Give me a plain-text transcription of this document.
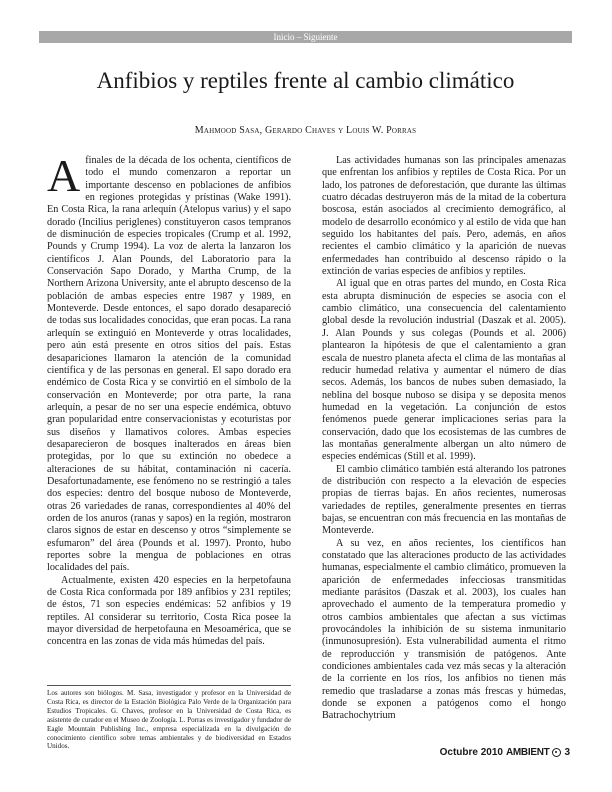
Inicio – Siguiente
Anfibios y reptiles frente al cambio climático
Mahmood Sasa, Gerardo Chaves y Louis W. Porras

Afinales de la década de los ochenta, científicos de todo el mundo comenzaron a reportar un importante descenso en poblaciones de anfibios en regiones protegidas y prístinas (Wake 1991). En Costa Rica, la rana arlequín (Atelopus varius) y el sapo dorado (Incilius periglenes) constituyeron casos tempranos de disminución de especies tropicales (Crump et al. 1992, Pounds y Crump 1994). La voz de alerta la lanzaron los científicos J. Alan Pounds, del Laboratorio para la Conservación Sapo Dorado, y Martha Crump, de la Northern Arizona University, ante el abrupto descenso de la población de ambas especies entre 1987 y 1989, en Monteverde. Desde entonces, el sapo dorado desapareció de todas sus localidades conocidas, que eran pocas. La rana arlequín se extinguió en Monteverde y otras localidades, pero aún está presente en otros sitios del país. Estas desapariciones llamaron la atención de la comunidad científica y de las personas en general. El sapo dorado era endémico de Costa Rica y se convirtió en el símbolo de la conservación en Monteverde; por otra parte, la rana arlequín, a pesar de no ser una especie endémica, obtuvo gran popularidad entre conservacionistas y ecoturistas por sus diseños y llamativos colores. Ambas especies desaparecieron de bosques inalterados en áreas bien protegidas, por lo que su extinción no obedece a alteraciones de su hábitat, contaminación ni cacería. Desafortunadamente, ese fenómeno no se restringió a tales dos especies: dentro del bosque nuboso de Monteverde, otras 26 variedades de ranas, correspondientes al 40% del orden de los anuros (ranas y sapos) en la región, mostraron claros signos de estar en descenso y otros “simplemente se esfumaron” del área (Pounds et al. 1997). Pronto, hubo reportes sobre la mengua de poblaciones en otras localidades del país.

Actualmente, existen 420 especies en la herpetofauna de Costa Rica conformada por 189 anfibios y 231 reptiles; de éstos, 71 son especies endémicas: 52 anfibios y 19 reptiles. Al considerar su territorio, Costa Rica posee la mayor diversidad de herpetofauna en Mesoamérica, que se concentra en las zonas de vida más húmedas del país.

Las actividades humanas son las principales amenazas que enfrentan los anfibios y reptiles de Costa Rica. Por un lado, los patrones de deforestación, que durante las últimas cuatro décadas destruyeron más de la mitad de la cobertura boscosa, están asociados al crecimiento demográfico, al modelo de desarrollo económico y al estilo de vida que han seguido los habitantes del país. Pero, además, en años recientes el cambio climático y la aparición de nuevas enfermedades han contribuido al descenso rápido o la extinción de varias especies de anfibios y reptiles.

Al igual que en otras partes del mundo, en Costa Rica esta abrupta disminución de especies se asocia con el cambio climático, una consecuencia del calentamiento global desde la revolución industrial (Daszak et al. 2005). J. Alan Pounds y sus colegas (Pounds et al. 2006) plantearon la hipótesis de que el calentamiento a gran escala de nuestro planeta afecta el clima de las montañas al reducir humedad relativa y aumentar el número de días secos. Además, los bancos de nubes suben demasiado, la neblina del bosque nuboso se disipa y se deposita menos humedad en la vegetación. La conjunción de estos fenómenos puede generar implicaciones serias para la conservación, dado que los ecosistemas de las cumbres de las montañas generalmente albergan un alto número de especies endémicas (Still et al. 1999).

El cambio climático también está alterando los patrones de distribución con respecto a la elevación de especies propias de tierras bajas. En años recientes, numerosas variedades de reptiles, generalmente presentes en tierras bajas, se encuentran con más frecuencia en las montañas de Monteverde.

A su vez, en años recientes, los científicos han constatado que las alteraciones producto de las actividades humanas, especialmente el cambio climático, promueven la aparición de enfermedades infecciosas transmitidas mediante parásitos (Daszak et al. 2003), los cuales han aprovechado el aumento de la temperatura promedio y otros cambios ambientales que afectan a sus víctimas provocándoles la inhibición de su sistema inmunitario (inmunosupresión). Esta vulnerabilidad aumenta el ritmo de reproducción y transmisión de patógenos. Ante condiciones ambientales cada vez más secas y la alteración de la corriente en los ríos, los anfibios no tienen más remedio que trasladarse a zonas más frescas y húmedas, donde se exponen a patógenos como el hongo Batrachochytrium

Los autores son biólogos. M. Sasa, investigador y profesor en la Universidad de Costa Rica, es director de la Estación Biológica Palo Verde de la Organización para Estudios Tropicales. G. Chaves, profesor en la Universidad de Costa Rica, es asistente de curador en el Museo de Zoología. L. Porras es investigador y fundador de Eagle Mountain Publishing Inc., empresa especializada en la divulgación de conocimiento científico sobre temas ambientales y de biodiversidad en Estados Unidos.
Octubre 2010 AMBIENT 3
